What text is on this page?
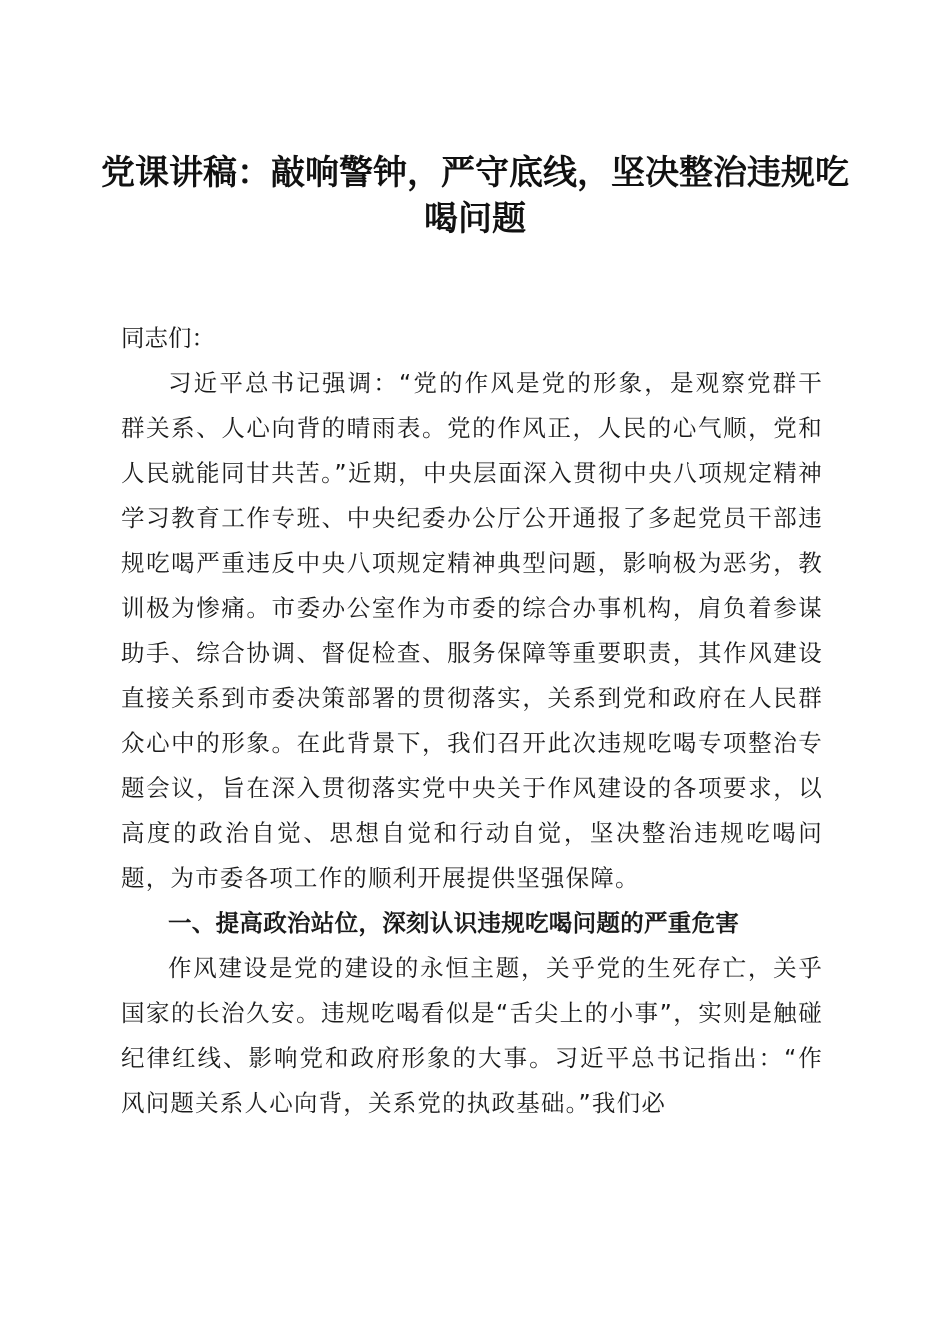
党课讲稿：敲响警钟，严守底线，坚决整治违规吃喝问题

同志们：

习近平总书记强调：“党的作风是党的形象，是观察党群干群关系、人心向背的晴雨表。党的作风正，人民的心气顺，党和人民就能同甘共苦。”近期，中央层面深入贯彻中央八项规定精神学习教育工作专班、中央纪委办公厅公开通报了多起党员干部违规吃喝严重违反中央八项规定精神典型问题，影响极为恶劣，教训极为惨痛。市委办公室作为市委的综合办事机构，肩负着参谋助手、综合协调、督促检查、服务保障等重要职责，其作风建设直接关系到市委决策部署的贯彻落实，关系到党和政府在人民群众心中的形象。在此背景下，我们召开此次违规吃喝专项整治专题会议，旨在深入贯彻落实党中央关于作风建设的各项要求，以高度的政治自觉、思想自觉和行动自觉，坚决整治违规吃喝问题，为市委各项工作的顺利开展提供坚强保障。

一、提高政治站位，深刻认识违规吃喝问题的严重危害

作风建设是党的建设的永恒主题，关乎党的生死存亡，关乎国家的长治久安。违规吃喝看似是“舌尖上的小事”，实则是触碰纪律红线、影响党和政府形象的大事。习近平总书记指出：“作风问题关系人心向背，关系党的执政基础。”我们必
